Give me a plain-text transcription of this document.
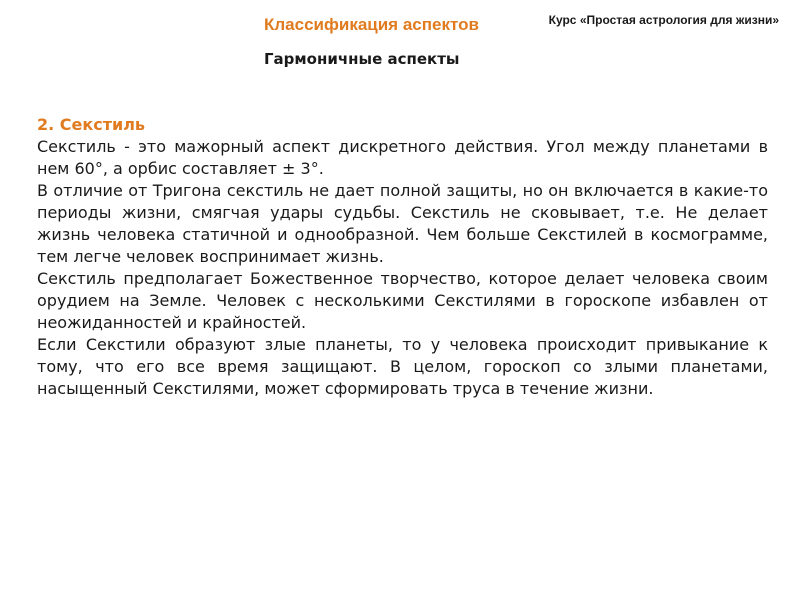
Курс «Простая астрология для жизни»
Классификация аспектов
Гармоничные аспекты

2. Секстиль

Секстиль - это мажорный аспект дискретного действия. Угол между планетами в нем 60°, а орбис составляет ± 3°.

В отличие от Тригона секстиль не дает полной защиты, но он включается в какие-то периоды жизни, смягчая удары судьбы. Секстиль не сковывает, т.е. Не делает жизнь человека статичной и однообразной. Чем больше Секстилей в космограмме, тем легче человек воспринимает жизнь.

Секстиль предполагает Божественное творчество, которое делает человека своим орудием на Земле. Человек с несколькими Секстилями в гороскопе избавлен от неожиданностей и крайностей.

Если Секстили образуют злые планеты, то у человека происходит привыкание к тому, что его все время защищают. В целом, гороскоп со злыми планетами, насыщенный Секстилями, может сформировать труса в течение жизни.
